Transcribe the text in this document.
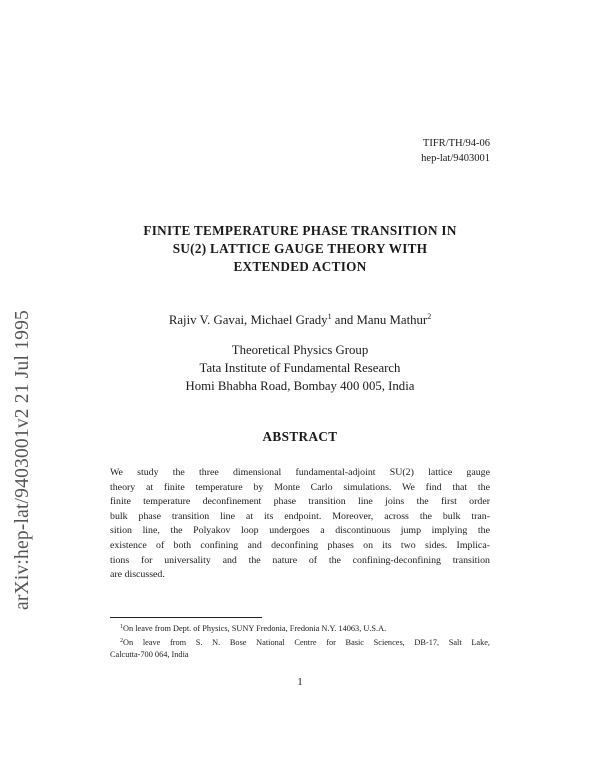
arXiv:hep-lat/9403001v2 21 Jul 1995
TIFR/TH/94-06
hep-lat/9403001
FINITE TEMPERATURE PHASE TRANSITION IN
SU(2) LATTICE GAUGE THEORY WITH
EXTENDED ACTION
Rajiv V. Gavai, Michael Grady$^1$ and Manu Mathur$^2$
Theoretical Physics Group
Tata Institute of Fundamental Research
Homi Bhabha Road, Bombay 400 005, India
ABSTRACT
We study the three dimensional fundamental-adjoint SU(2) lattice gauge
theory at finite temperature by Monte Carlo simulations. We find that the
finite temperature deconfinement phase transition line joins the first order
bulk phase transition line at its endpoint. Moreover, across the bulk tran-
sition line, the Polyakov loop undergoes a discontinuous jump implying the
existence of both confining and deconfining phases on its two sides. Implica-
tions for universality and the nature of the confining-deconfining transition
are discussed.
$^1$On leave from Dept. of Physics, SUNY Fredonia, Fredonia N.Y. 14063, U.S.A.
$^2$On leave from S. N. Bose National Centre for Basic Sciences, DB-17, Salt Lake,
Calcutta-700 064, India
1
